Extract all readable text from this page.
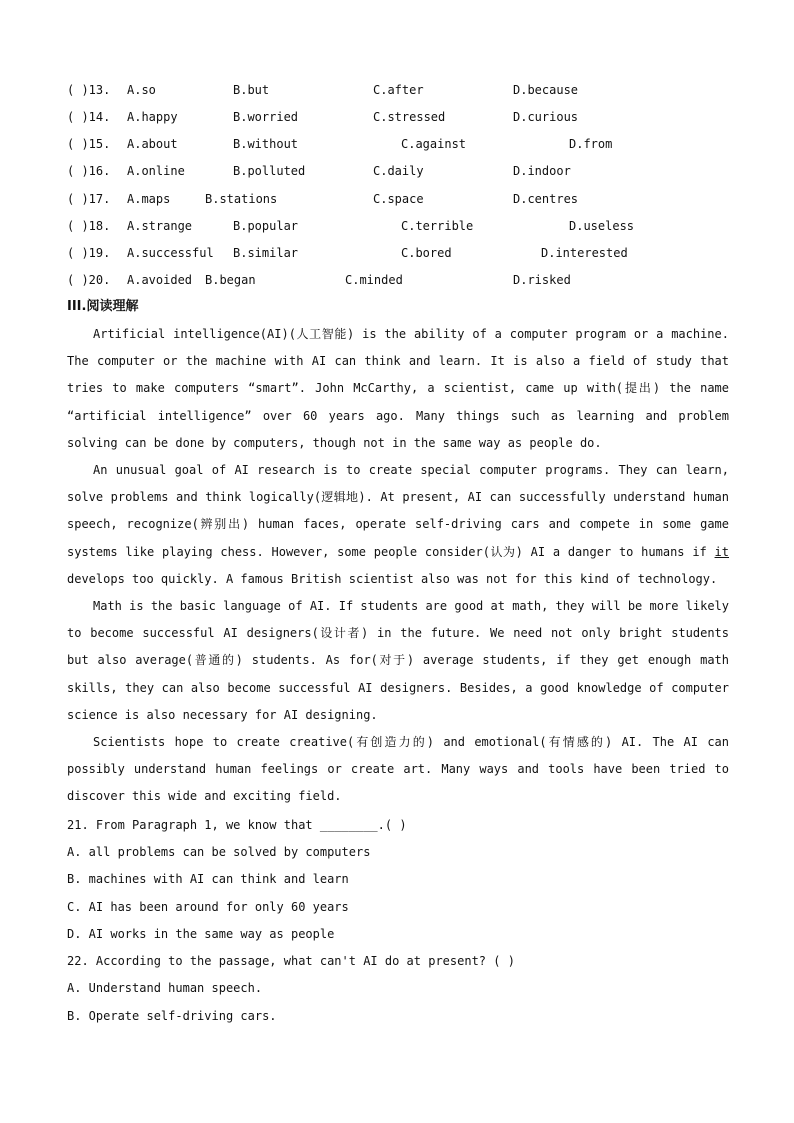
( )13. A.so	B.but	C.after	D.because
( )14. A.happy	B.worried	C.stressed	D.curious
( )15. A.about	B.without	C.against	D.from
( )16. A.online	B.polluted	C.daily	D.indoor
( )17. A.maps	B.stations	C.space	D.centres
( )18. A.strange	B.popular	C.terrible	D.useless
( )19. A.successful B.similar	C.bored	D.interested
( )20. A.avoided B.began	C.minded	D.risked
III.阅读理解

Artificial intelligence(AI)(人工智能) is the ability of a computer program or a machine. The computer or the machine with AI can think and learn. It is also a field of study that tries to make computers “smart”. John McCarthy, a scientist, came up with(提出) the name “artificial intelligence” over 60 years ago. Many things such as learning and problem solving can be done by computers, though not in the same way as people do.

An unusual goal of AI research is to create special computer programs. They can learn, solve problems and think logically(逻辑地). At present, AI can successfully understand human speech, recognize(辨别出) human faces, operate self-driving cars and compete in some game systems like playing chess. However, some people consider(认为) AI a danger to humans if it develops too quickly. A famous British scientist also was not for this kind of technology.

Math is the basic language of AI. If students are good at math, they will be more likely to become successful AI designers(设计者) in the future. We need not only bright students but also average(普通的) students. As for(对于) average students, if they get enough math skills, they can also become successful AI designers. Besides, a good knowledge of computer science is also necessary for AI designing.

Scientists hope to create creative(有创造力的) and emotional(有情感的) AI. The AI can possibly understand human feelings or create art. Many ways and tools have been tried to discover this wide and exciting field.

21. From Paragraph 1, we know that ________.( )
A. all problems can be solved by computers
B. machines with AI can think and learn
C. AI has been around for only 60 years
D. AI works in the same way as people
22. According to the passage, what can't AI do at present? ( )
A. Understand human speech.
B. Operate self-driving cars.
